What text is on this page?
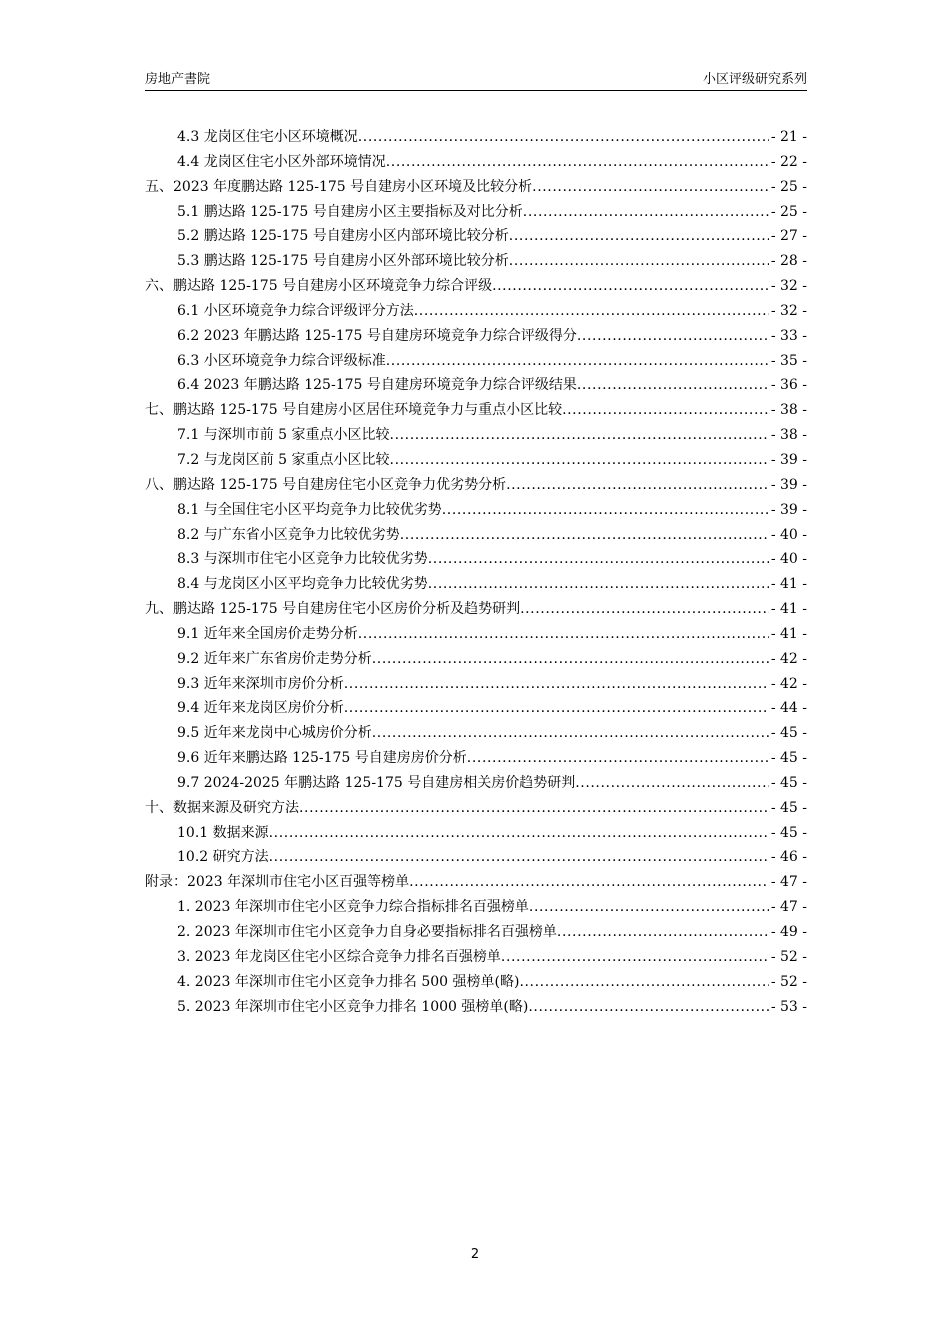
房地产書院	小区评级研究系列
4.3 龙岗区住宅小区环境概况 .....	- 21 -
4.4 龙岗区住宅小区外部环境情况 .....	- 22 -
五、2023 年度鹏达路 125-175 号自建房小区环境及比较分析 .....	- 25 -
5.1 鹏达路 125-175 号自建房小区主要指标及对比分析 .....	- 25 -
5.2 鹏达路 125-175 号自建房小区内部环境比较分析 .....	- 27 -
5.3 鹏达路 125-175 号自建房小区外部环境比较分析 .....	- 28 -
六、鹏达路 125-175 号自建房小区环境竞争力综合评级 .....	- 32 -
6.1 小区环境竞争力综合评级评分方法 .....	- 32 -
6.2 2023 年鹏达路 125-175 号自建房环境竞争力综合评级得分 .....	- 33 -
6.3 小区环境竞争力综合评级标准 .....	- 35 -
6.4 2023 年鹏达路 125-175 号自建房环境竞争力综合评级结果 .....	- 36 -
七、鹏达路 125-175 号自建房小区居住环境竞争力与重点小区比较 .....	- 38 -
7.1 与深圳市前 5 家重点小区比较 .....	- 38 -
7.2 与龙岗区前 5 家重点小区比较 .....	- 39 -
八、鹏达路 125-175 号自建房住宅小区竞争力优劣势分析 .....	- 39 -
8.1 与全国住宅小区平均竞争力比较优劣势 .....	- 39 -
8.2 与广东省小区竞争力比较优劣势 .....	- 40 -
8.3 与深圳市住宅小区竞争力比较优劣势 .....	- 40 -
8.4 与龙岗区小区平均竞争力比较优劣势 .....	- 41 -
九、鹏达路 125-175 号自建房住宅小区房价分析及趋势研判 .....	- 41 -
9.1 近年来全国房价走势分析 .....	- 41 -
9.2 近年来广东省房价走势分析 .....	- 42 -
9.3 近年来深圳市房价分析 .....	- 42 -
9.4 近年来龙岗区房价分析 .....	- 44 -
9.5 近年来龙岗中心城房价分析 .....	- 45 -
9.6 近年来鹏达路 125-175 号自建房房价分析 .....	- 45 -
9.7 2024-2025 年鹏达路 125-175 号自建房相关房价趋势研判 .....	- 45 -
十、数据来源及研究方法 .....	- 45 -
10.1 数据来源 .....	- 45 -
10.2 研究方法 .....	- 46 -
附录：2023 年深圳市住宅小区百强等榜单 .....	- 47 -
1. 2023 年深圳市住宅小区竞争力综合指标排名百强榜单 .....	- 47 -
2. 2023 年深圳市住宅小区竞争力自身必要指标排名百强榜单 .....	- 49 -
3. 2023 年龙岗区住宅小区综合竞争力排名百强榜单 .....	- 52 -
4. 2023 年深圳市住宅小区竞争力排名 500 强榜单(略) .....	- 52 -
5. 2023 年深圳市住宅小区竞争力排名 1000 强榜单(略) .....	- 53 -
2
